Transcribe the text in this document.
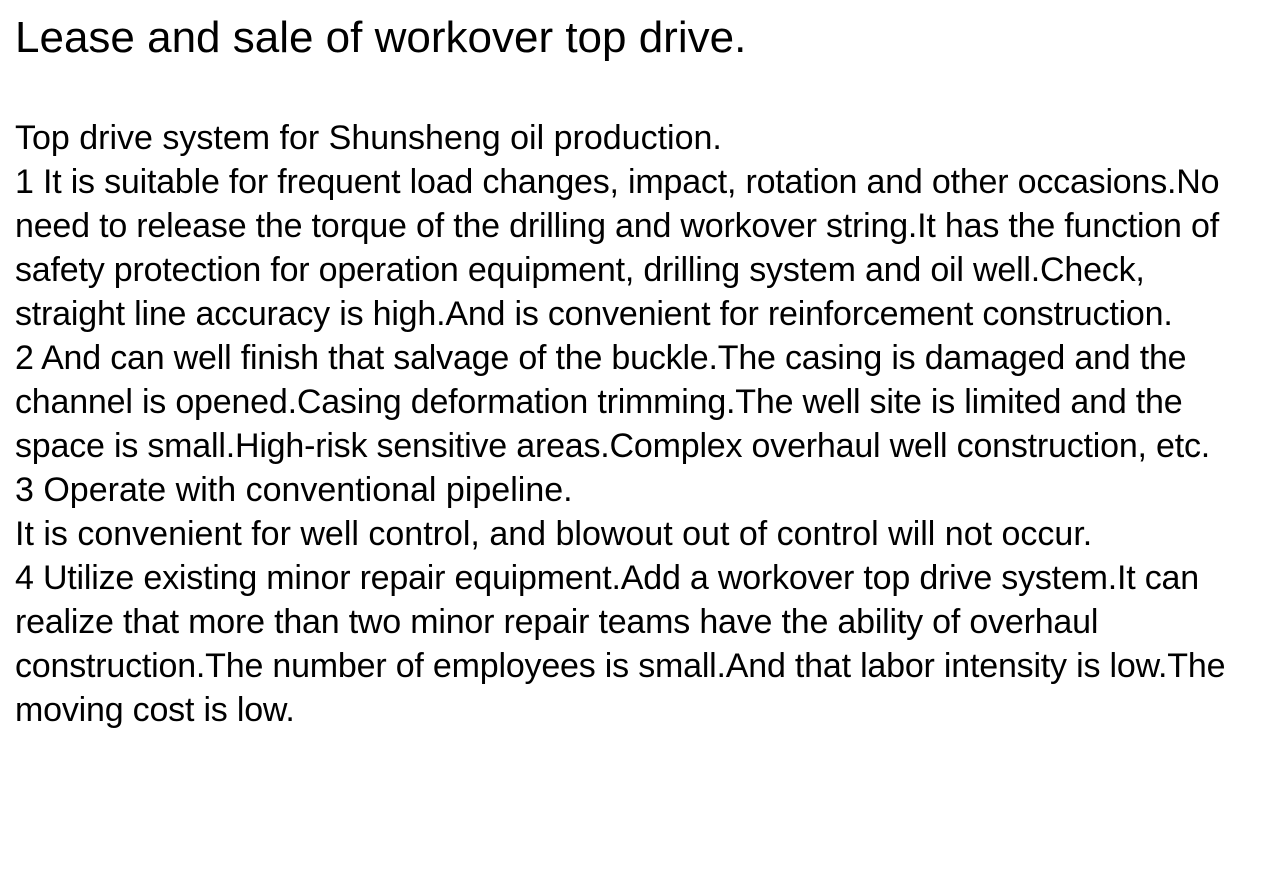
Lease and sale of workover top drive.

Top drive system for Shunsheng oil production.

1 It is suitable for frequent load changes, impact, rotation and other occasions.No need to release the torque of the drilling and workover string.It has the function of safety protection for operation equipment, drilling system and oil well.Check, straight line accuracy is high.And is convenient for reinforcement construction.

2 And can well finish that salvage of the buckle.The casing is damaged and the channel is opened.Casing deformation trimming.The well site is limited and the space is small.High-risk sensitive areas.Complex overhaul well construction, etc.

3 Operate with conventional pipeline.

It is convenient for well control, and blowout out of control will not occur.

4 Utilize existing minor repair equipment.Add a workover top drive system.It can realize that more than two minor repair teams have the ability of overhaul construction.The number of employees is small.And that labor intensity is low.The moving cost is low.
